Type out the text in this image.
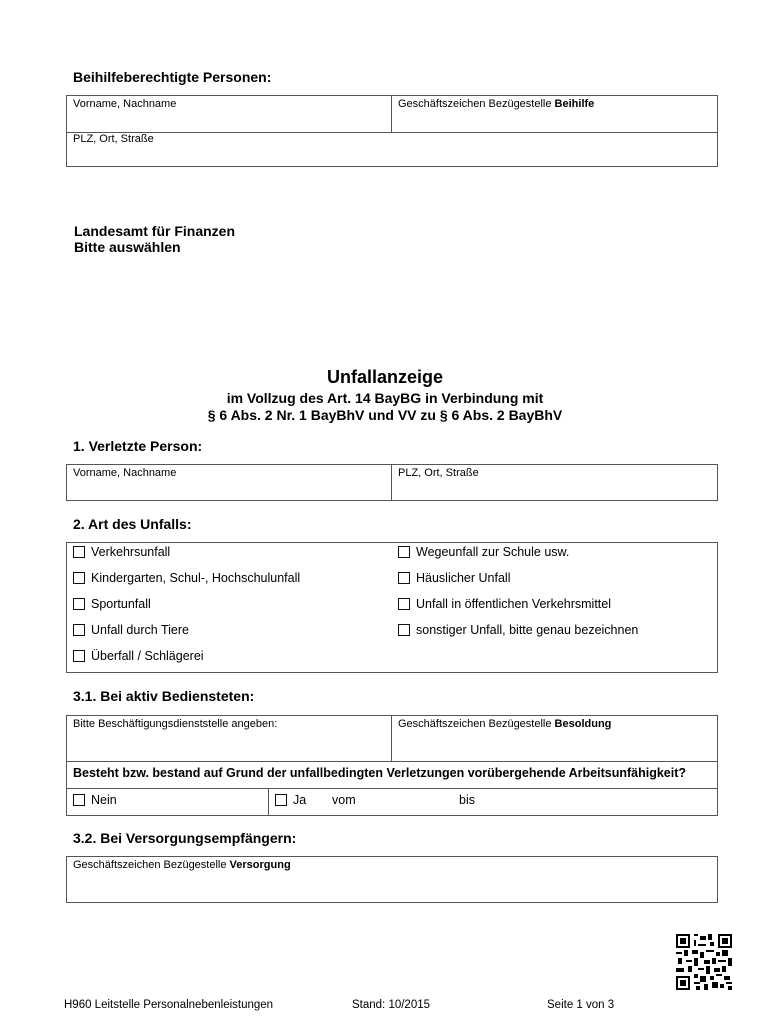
Beihilfeberechtigte Personen:
Vorname, Nachname	Geschäftszeichen Bezügestelle Beihilfe
PLZ, Ort, Straße
Landesamt für Finanzen
Bitte auswählen
Unfallanzeige
im Vollzug des Art. 14 BayBG in Verbindung mit
§ 6 Abs. 2 Nr. 1 BayBhV und VV zu § 6 Abs. 2 BayBhV
1. Verletzte Person:
Vorname, Nachname	PLZ, Ort, Straße
2. Art des Unfalls:
Verkehrsunfall
Kindergarten, Schul-, Hochschulunfall
Sportunfall
Unfall durch Tiere
Überfall / Schlägerei
Wegeunfall zur Schule usw.
Häuslicher Unfall
Unfall in öffentlichen Verkehrsmittel
sonstiger Unfall, bitte genau bezeichnen
3.1. Bei aktiv Bediensteten:
Bitte Beschäftigungsdienststelle angeben:	Geschäftszeichen Bezügestelle Besoldung
Besteht bzw. bestand auf Grund der unfallbedingten Verletzungen vorübergehende Arbeitsunfähigkeit?
Nein	Ja vom	bis
3.2. Bei Versorgungsempfängern:
Geschäftszeichen Bezügestelle Versorgung
H960 Leitstelle Personalnebenleistungen	Stand: 10/2015	Seite 1 von 3
